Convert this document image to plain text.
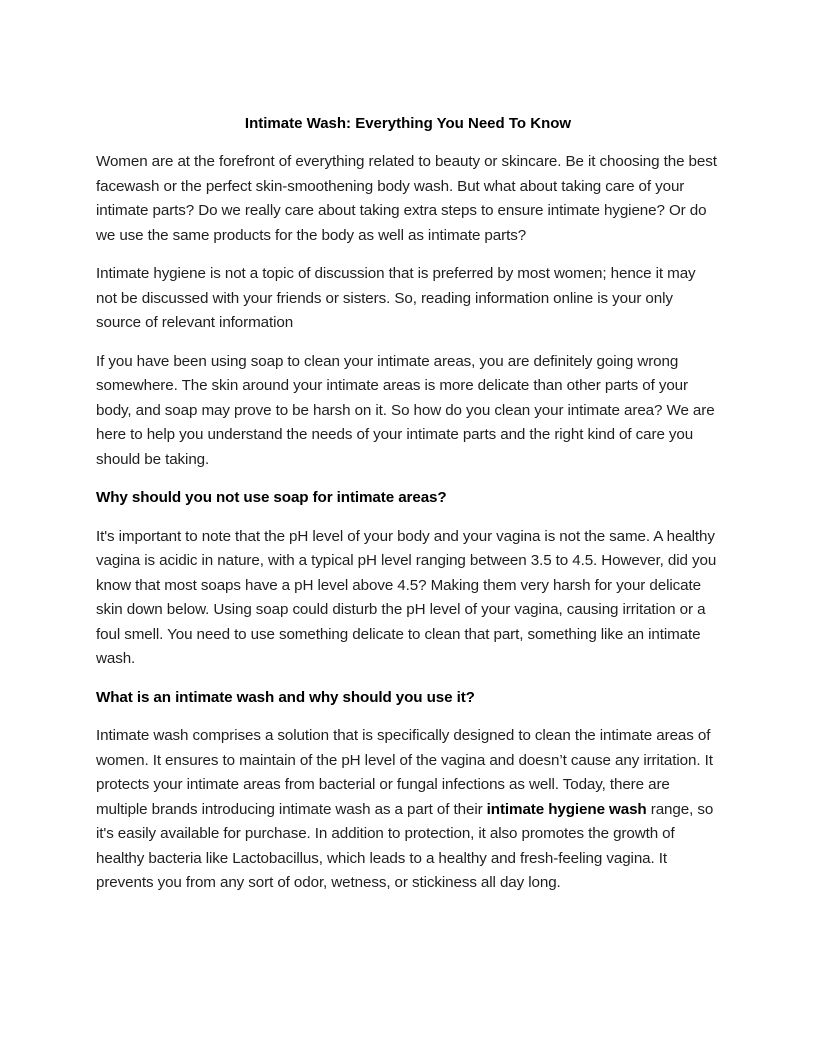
Intimate Wash: Everything You Need To Know

Women are at the forefront of everything related to beauty or skincare. Be it choosing the best facewash or the perfect skin-smoothening body wash. But what about taking care of your intimate parts? Do we really care about taking extra steps to ensure intimate hygiene? Or do we use the same products for the body as well as intimate parts?

Intimate hygiene is not a topic of discussion that is preferred by most women; hence it may not be discussed with your friends or sisters. So, reading information online is your only source of relevant information

If you have been using soap to clean your intimate areas, you are definitely going wrong somewhere. The skin around your intimate areas is more delicate than other parts of your body, and soap may prove to be harsh on it. So how do you clean your intimate area? We are here to help you understand the needs of your intimate parts and the right kind of care you should be taking.

Why should you not use soap for intimate areas?

It's important to note that the pH level of your body and your vagina is not the same. A healthy vagina is acidic in nature, with a typical pH level ranging between 3.5 to 4.5. However, did you know that most soaps have a pH level above 4.5? Making them very harsh for your delicate skin down below. Using soap could disturb the pH level of your vagina, causing irritation or a foul smell. You need to use something delicate to clean that part, something like an intimate wash.

What is an intimate wash and why should you use it?

Intimate wash comprises a solution that is specifically designed to clean the intimate areas of women. It ensures to maintain of the pH level of the vagina and doesn’t cause any irritation. It protects your intimate areas from bacterial or fungal infections as well. Today, there are multiple brands introducing intimate wash as a part of their intimate hygiene wash range, so it's easily available for purchase. In addition to protection, it also promotes the growth of healthy bacteria like Lactobacillus, which leads to a healthy and fresh-feeling vagina. It prevents you from any sort of odor, wetness, or stickiness all day long.
